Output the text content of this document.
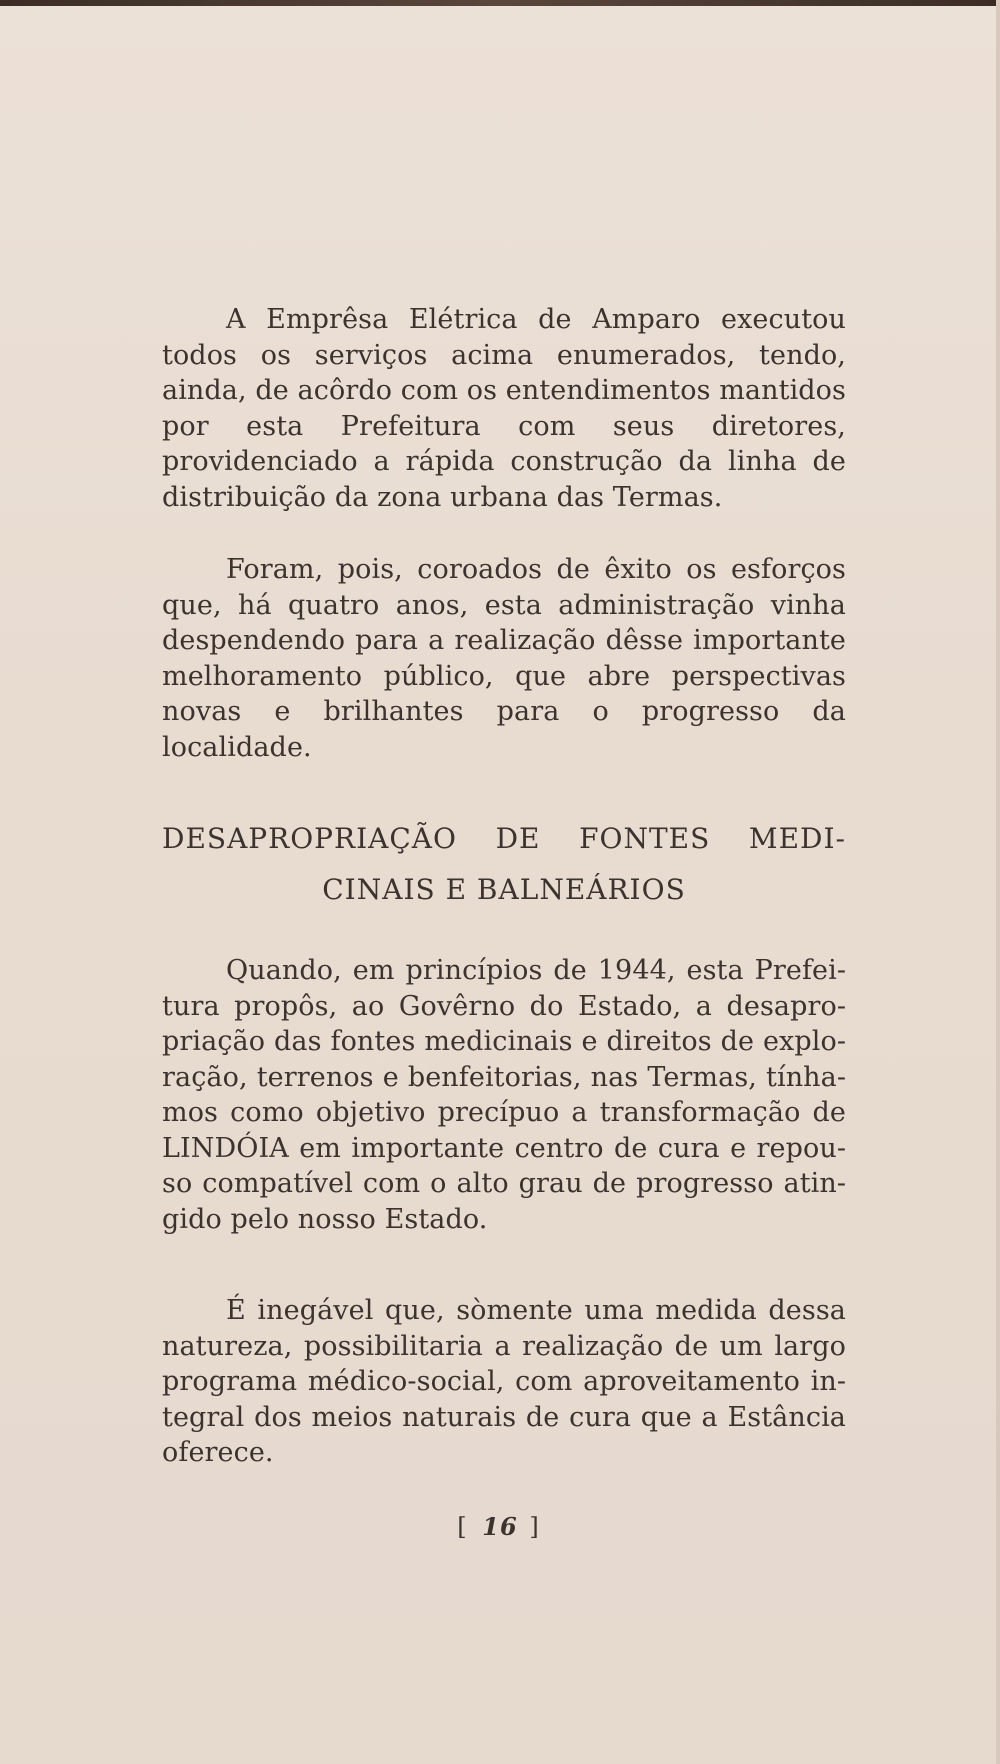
A Emprêsa Elétrica de Amparo executou todos os serviços acima enumerados, tendo, ainda, de acôrdo com os entendimentos mantidos por esta Prefeitura com seus diretores, providenciado a rápida construção da linha de distribuição da zona urbana das Termas.

Foram, pois, coroados de êxito os esforços que, há quatro anos, esta administração vinha despendendo para a realização dêsse importante melhoramento público, que abre perspectivas novas e brilhantes para o progresso da localidade.

DESAPROPRIAÇÃO DE FONTES MEDI-
CINAIS E BALNEÁRIOS

Quando, em princípios de 1944, esta Prefeitura propôs, ao Govêrno do Estado, a desapropriação das fontes medicinais e direitos de exploração, terrenos e benfeitorias, nas Termas, tínhamos como objetivo precípuo a transformação de LINDÓIA em importante centro de cura e repouso compatível com o alto grau de progresso atingido pelo nosso Estado.

É inegável que, sòmente uma medida dessa natureza, possibilitaria a realização de um largo programa médico-social, com aproveitamento integral dos meios naturais de cura que a Estância oferece.

[ 16 ]
